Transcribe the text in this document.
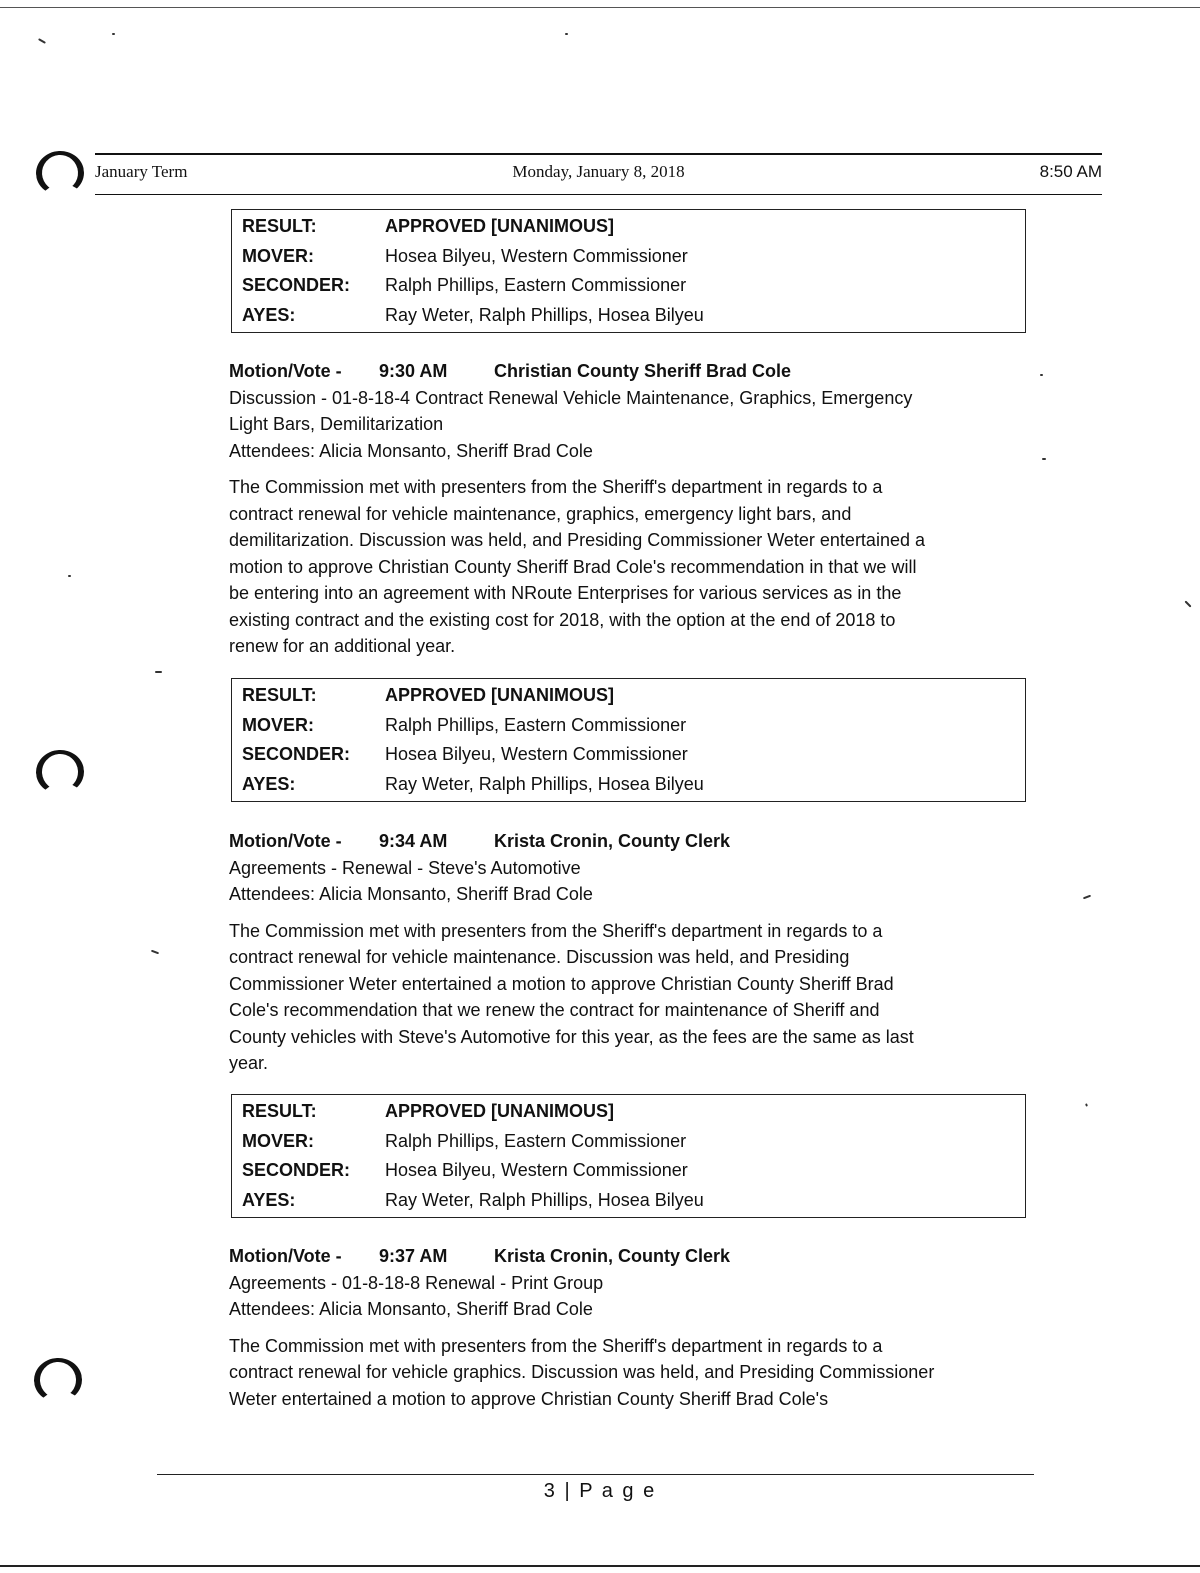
January Term	Monday, January 8, 2018	8:50 AM
RESULT:	APPROVED [UNANIMOUS]
MOVER:	Hosea Bilyeu, Western Commissioner
SECONDER:	Ralph Phillips, Eastern Commissioner
AYES:	Ray Weter, Ralph Phillips, Hosea Bilyeu
Motion/Vote -	9:30 AM	Christian County Sheriff Brad Cole
Discussion - 01-8-18-4 Contract Renewal Vehicle Maintenance, Graphics, Emergency
Light Bars, Demilitarization
Attendees: Alicia Monsanto, Sheriff Brad Cole
The Commission met with presenters from the Sheriff's department in regards to a
contract renewal for vehicle maintenance, graphics, emergency light bars, and
demilitarization. Discussion was held, and Presiding Commissioner Weter entertained a
motion to approve Christian County Sheriff Brad Cole's recommendation in that we will
be entering into an agreement with NRoute Enterprises for various services as in the
existing contract and the existing cost for 2018, with the option at the end of 2018 to
renew for an additional year.
RESULT:	APPROVED [UNANIMOUS]
MOVER:	Ralph Phillips, Eastern Commissioner
SECONDER:	Hosea Bilyeu, Western Commissioner
AYES:	Ray Weter, Ralph Phillips, Hosea Bilyeu
Motion/Vote -	9:34 AM	Krista Cronin, County Clerk
Agreements - Renewal - Steve's Automotive
Attendees: Alicia Monsanto, Sheriff Brad Cole
The Commission met with presenters from the Sheriff's department in regards to a
contract renewal for vehicle maintenance. Discussion was held, and Presiding
Commissioner Weter entertained a motion to approve Christian County Sheriff Brad
Cole's recommendation that we renew the contract for maintenance of Sheriff and
County vehicles with Steve's Automotive for this year, as the fees are the same as last
year.
RESULT:	APPROVED [UNANIMOUS]
MOVER:	Ralph Phillips, Eastern Commissioner
SECONDER:	Hosea Bilyeu, Western Commissioner
AYES:	Ray Weter, Ralph Phillips, Hosea Bilyeu
Motion/Vote -	9:37 AM	Krista Cronin, County Clerk
Agreements - 01-8-18-8 Renewal - Print Group
Attendees: Alicia Monsanto, Sheriff Brad Cole
The Commission met with presenters from the Sheriff's department in regards to a
contract renewal for vehicle graphics. Discussion was held, and Presiding Commissioner
Weter entertained a motion to approve Christian County Sheriff Brad Cole's
3 | P a g e
